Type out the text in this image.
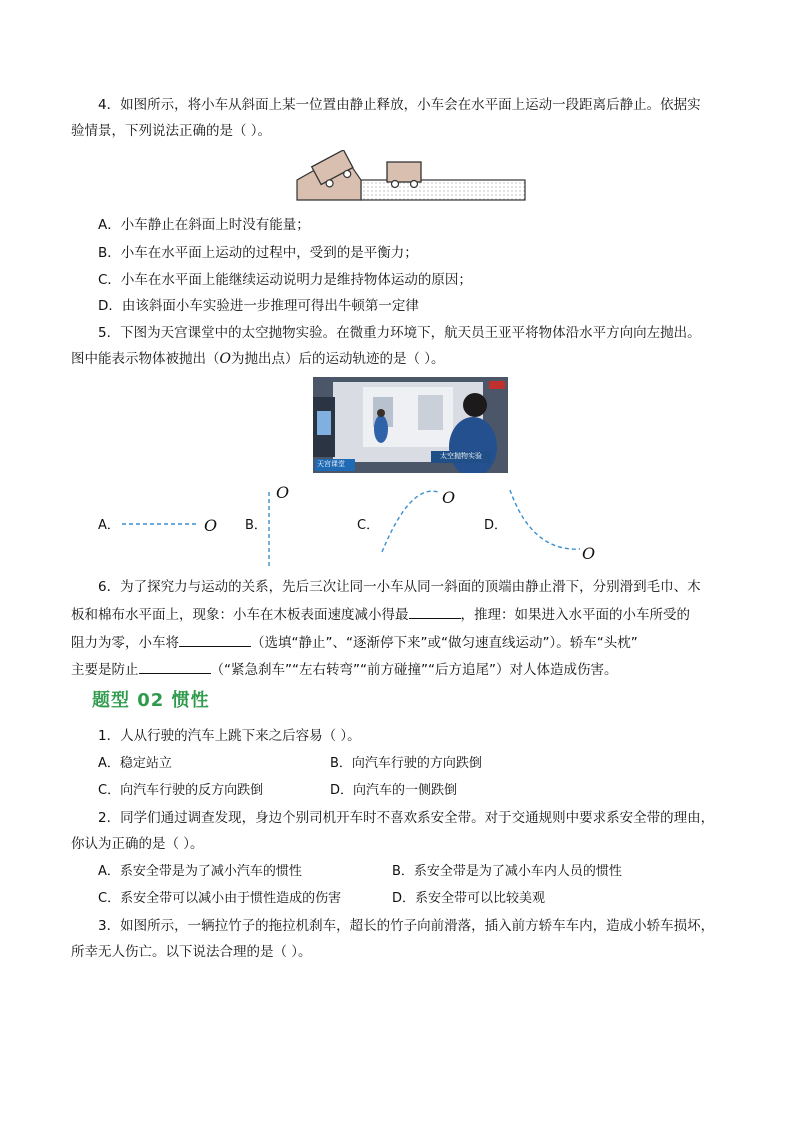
4．如图所示，将小车从斜面上某一位置由静止释放，小车会在水平面上运动一段距离后静止。依据实
验情景，下列说法正确的是（ ）。
A．小车静止在斜面上时没有能量；
B．小车在水平面上运动的过程中，受到的是平衡力；
C．小车在水平面上能继续运动说明力是维持物体运动的原因；
D．由该斜面小车实验进一步推理可得出牛顿第一定律
5．下图为天宫课堂中的太空抛物实验。在微重力环境下，航天员王亚平将物体沿水平方向向左抛出。
图中能表示物体被抛出（O为抛出点）后的运动轨迹的是（ ）。
天宫课堂
太空抛物实验
A．	B．	C．	D．
O
O	O
O
6．为了探究力与运动的关系，先后三次让同一小车从同一斜面的顶端由静止滑下，分别滑到毛巾、木
板和棉布水平面上，现象：小车在木板表面速度减小得最	，推理：如果进入水平面的小车所受的
阻力为零，小车将	（选填“静止”、“逐渐停下来”或“做匀速直线运动”）。轿车“头枕”
主要是防止	（“紧急刹车”“左右转弯”“前方碰撞”“后方追尾”）对人体造成伤害。
题型 02 惯性
1．人从行驶的汽车上跳下来之后容易（ ）。
A．稳定站立	B．向汽车行驶的方向跌倒
C．向汽车行驶的反方向跌倒	D．向汽车的一侧跌倒
2．同学们通过调查发现，身边个别司机开车时不喜欢系安全带。对于交通规则中要求系安全带的理由，
你认为正确的是（ ）。
A．系安全带是为了减小汽车的惯性	B．系安全带是为了减小车内人员的惯性
C．系安全带可以减小由于惯性造成的伤害	D．系安全带可以比较美观
3．如图所示，一辆拉竹子的拖拉机刹车，超长的竹子向前滑落，插入前方轿车车内，造成小轿车损坏，
所幸无人伤亡。以下说法合理的是（ ）。
